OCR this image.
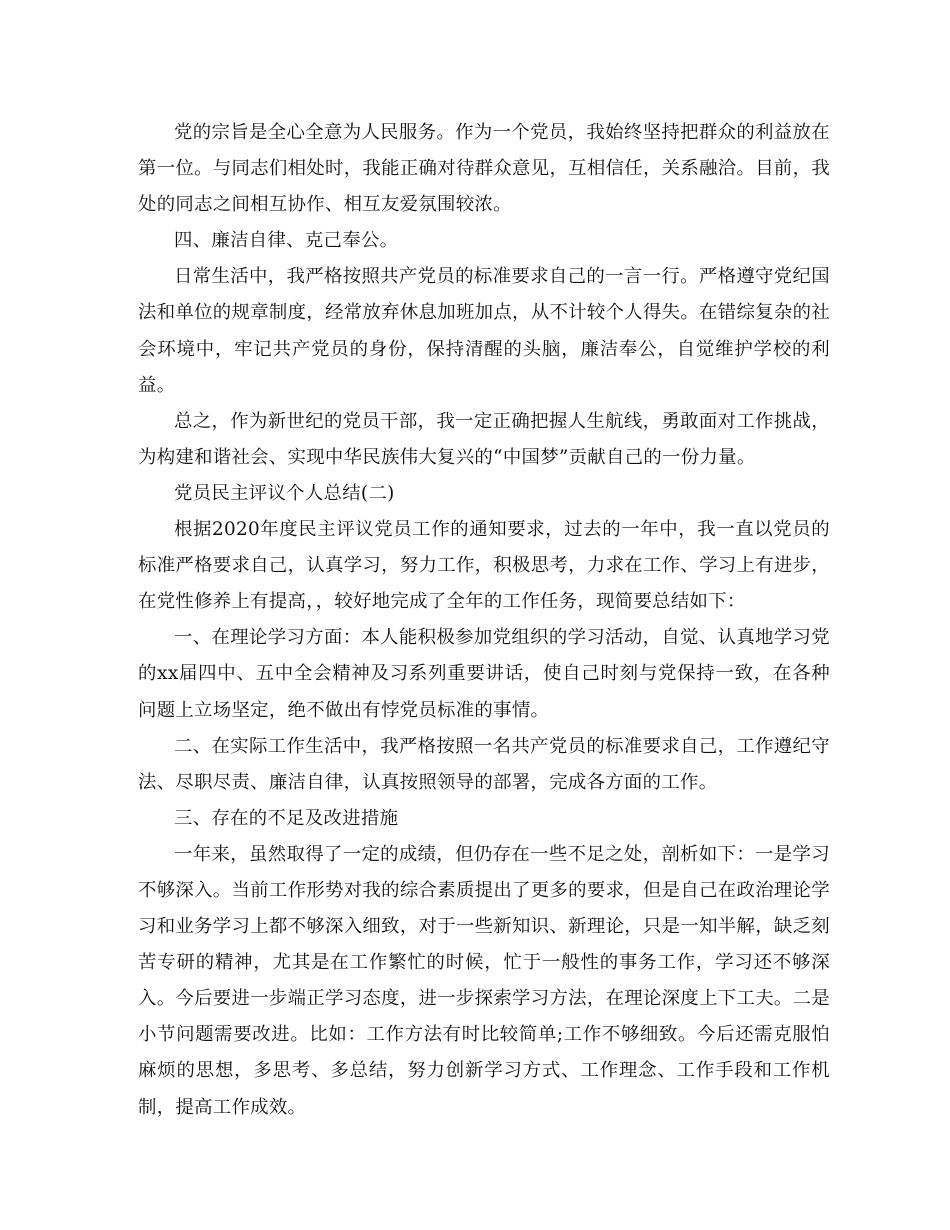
党的宗旨是全心全意为人民服务。作为一个党员，我始终坚持把群众的利益放在第一位。与同志们相处时，我能正确对待群众意见，互相信任，关系融洽。目前，我处的同志之间相互协作、相互友爱氛围较浓。

四、廉洁自律、克己奉公。

日常生活中，我严格按照共产党员的标准要求自己的一言一行。严格遵守党纪国法和单位的规章制度，经常放弃休息加班加点，从不计较个人得失。在错综复杂的社会环境中，牢记共产党员的身份，保持清醒的头脑，廉洁奉公，自觉维护学校的利益。

总之，作为新世纪的党员干部，我一定正确把握人生航线，勇敢面对工作挑战，为构建和谐社会、实现中华民族伟大复兴的“中国梦”贡献自己的一份力量。

党员民主评议个人总结(二)

根据2020年度民主评议党员工作的通知要求，过去的一年中，我一直以党员的标准严格要求自己，认真学习，努力工作，积极思考，力求在工作、学习上有进步，在党性修养上有提高，，较好地完成了全年的工作任务，现简要总结如下：

一、在理论学习方面：本人能积极参加党组织的学习活动，自觉、认真地学习党的xx届四中、五中全会精神及习系列重要讲话，使自己时刻与党保持一致，在各种问题上立场坚定，绝不做出有悖党员标准的事情。

二、在实际工作生活中，我严格按照一名共产党员的标准要求自己，工作遵纪守法、尽职尽责、廉洁自律，认真按照领导的部署，完成各方面的工作。

三、存在的不足及改进措施

一年来，虽然取得了一定的成绩，但仍存在一些不足之处，剖析如下：一是学习不够深入。当前工作形势对我的综合素质提出了更多的要求，但是自己在政治理论学习和业务学习上都不够深入细致，对于一些新知识、新理论，只是一知半解，缺乏刻苦专研的精神，尤其是在工作繁忙的时候，忙于一般性的事务工作，学习还不够深入。今后要进一步端正学习态度，进一步探索学习方法，在理论深度上下工夫。二是小节问题需要改进。比如：工作方法有时比较简单;工作不够细致。今后还需克服怕麻烦的思想，多思考、多总结，努力创新学习方式、工作理念、工作手段和工作机制，提高工作成效。
